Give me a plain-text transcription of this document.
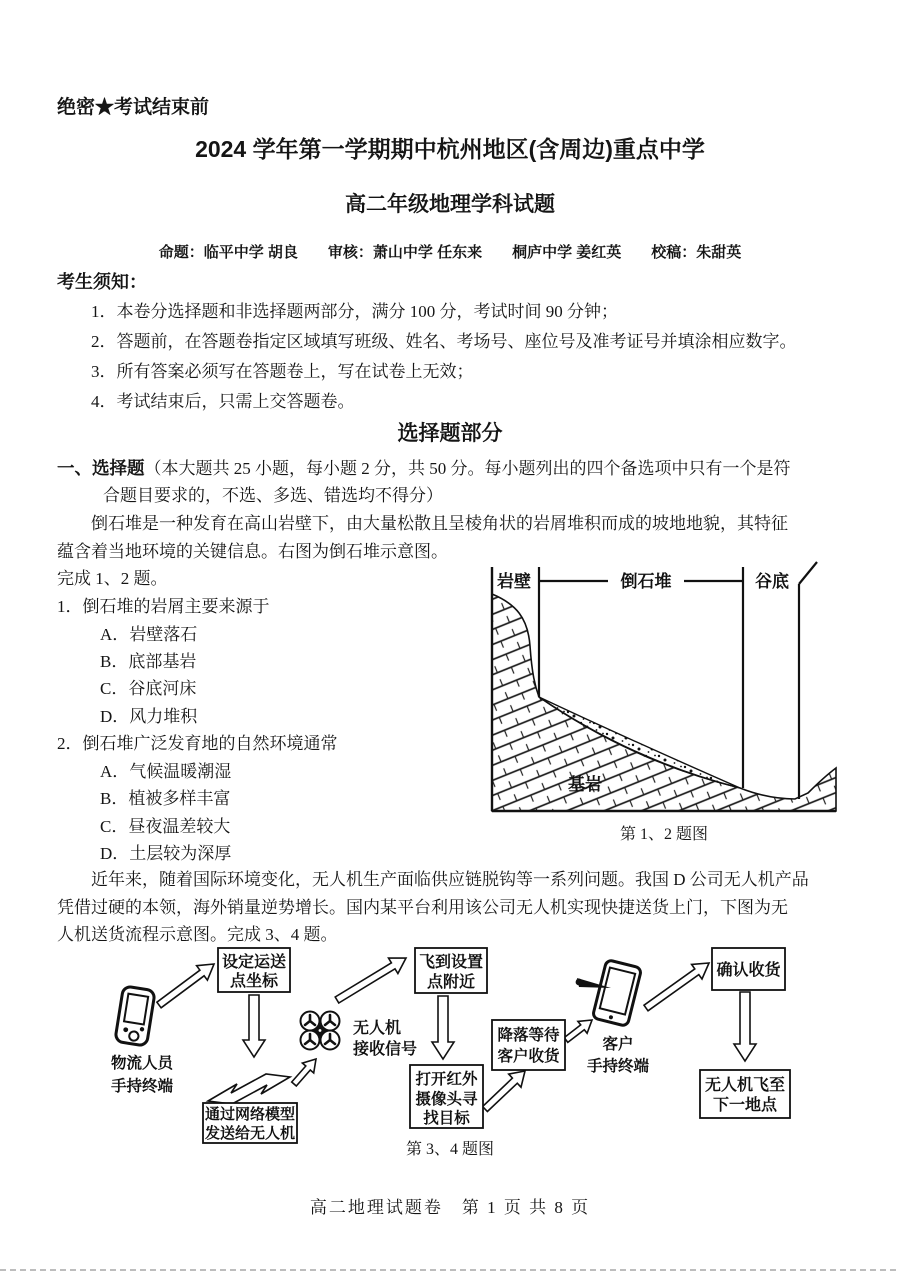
绝密★考试结束前
2024 学年第一学期期中杭州地区(含周边)重点中学
高二年级地理学科试题
命题：临平中学 胡良　　审核：萧山中学 任东来　　桐庐中学 姜红英　　校稿：朱甜英
考生须知：
1．本卷分选择题和非选择题两部分，满分 100 分，考试时间 90 分钟；
2．答题前，在答题卷指定区域填写班级、姓名、考场号、座位号及准考证号并填涂相应数字。
3．所有答案必须写在答题卷上，写在试卷上无效；
4．考试结束后，只需上交答题卷。
选择题部分
一、选择题（本大题共 25 小题，每小题 2 分，共 50 分。每小题列出的四个备选项中只有一个是符
合题目要求的，不选、多选、错选均不得分）
倒石堆是一种发育在高山岩壁下，由大量松散且呈棱角状的岩屑堆积而成的坡地地貌，其特征
蕴含着当地环境的关键信息。右图为倒石堆示意图。
完成 1、2 题。
1．倒石堆的岩屑主要来源于
A．岩壁落石
B．底部基岩
C．谷底河床
D．风力堆积
2．倒石堆广泛发育地的自然环境通常
A．气候温暖潮湿
B．植被多样丰富
C．昼夜温差较大
D．土层较为深厚
岩壁	倒石堆	谷底
基岩
第 1、2 题图
近年来，随着国际环境变化，无人机生产面临供应链脱钩等一系列问题。我国 D 公司无人机产品
凭借过硬的本领，海外销量逆势增长。国内某平台利用该公司无人机实现快捷送货上门，下图为无
人机送货流程示意图。完成 3、4 题。
物流人员
手持终端
设定运送
点坐标
通过网络模型
发送给无人机
无人机
接收信号
飞到设置
点附近
打开红外
摄像头寻
找目标
降落等待
客户收货
客户
手持终端
确认收货
无人机飞至
下一地点
第 3、4 题图
高二地理试题卷　第 1 页 共 8 页
